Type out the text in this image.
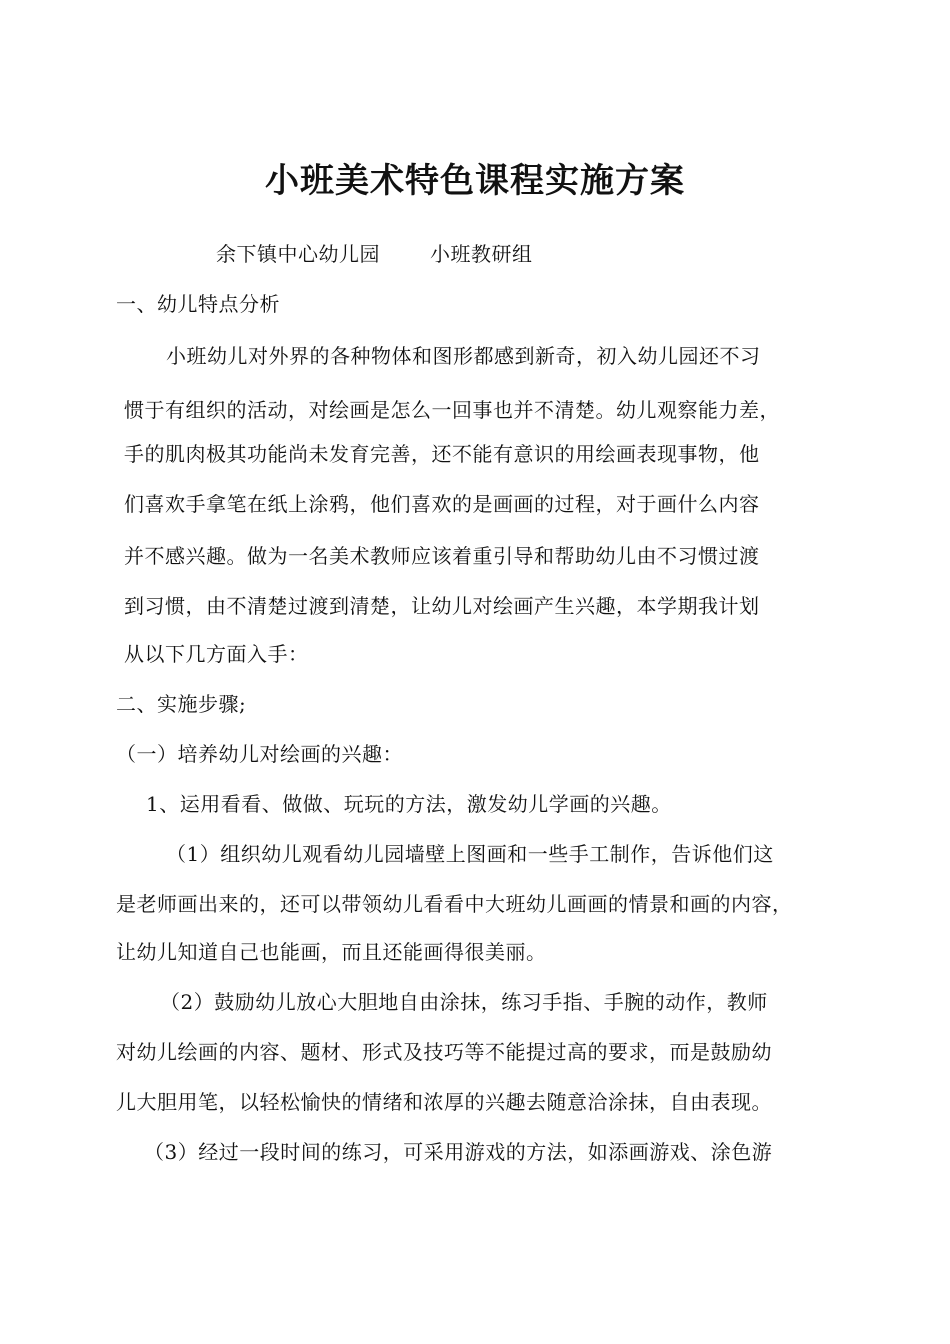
小班美术特色课程实施方案
余下镇中心幼儿园	小班教研组
一、幼儿特点分析
小班幼儿对外界的各种物体和图形都感到新奇，初入幼儿园还不习
惯于有组织的活动，对绘画是怎么一回事也并不清楚。幼儿观察能力差，
手的肌肉极其功能尚未发育完善，还不能有意识的用绘画表现事物，他
们喜欢手拿笔在纸上涂鸦，他们喜欢的是画画的过程，对于画什么内容
并不感兴趣。做为一名美术教师应该着重引导和帮助幼儿由不习惯过渡
到习惯，由不清楚过渡到清楚，让幼儿对绘画产生兴趣，本学期我计划
从以下几方面入手：
二、实施步骤;
（一）培养幼儿对绘画的兴趣：
1、运用看看、做做、玩玩的方法，激发幼儿学画的兴趣。
（1）组织幼儿观看幼儿园墙壁上图画和一些手工制作，告诉他们这
是老师画出来的，还可以带领幼儿看看中大班幼儿画画的情景和画的内容，
让幼儿知道自己也能画，而且还能画得很美丽。
（2）鼓励幼儿放心大胆地自由涂抹，练习手指、手腕的动作，教师
对幼儿绘画的内容、题材、形式及技巧等不能提过高的要求，而是鼓励幼
儿大胆用笔，以轻松愉快的情绪和浓厚的兴趣去随意洽涂抹，自由表现。
（3）经过一段时间的练习，可采用游戏的方法，如添画游戏、涂色游
